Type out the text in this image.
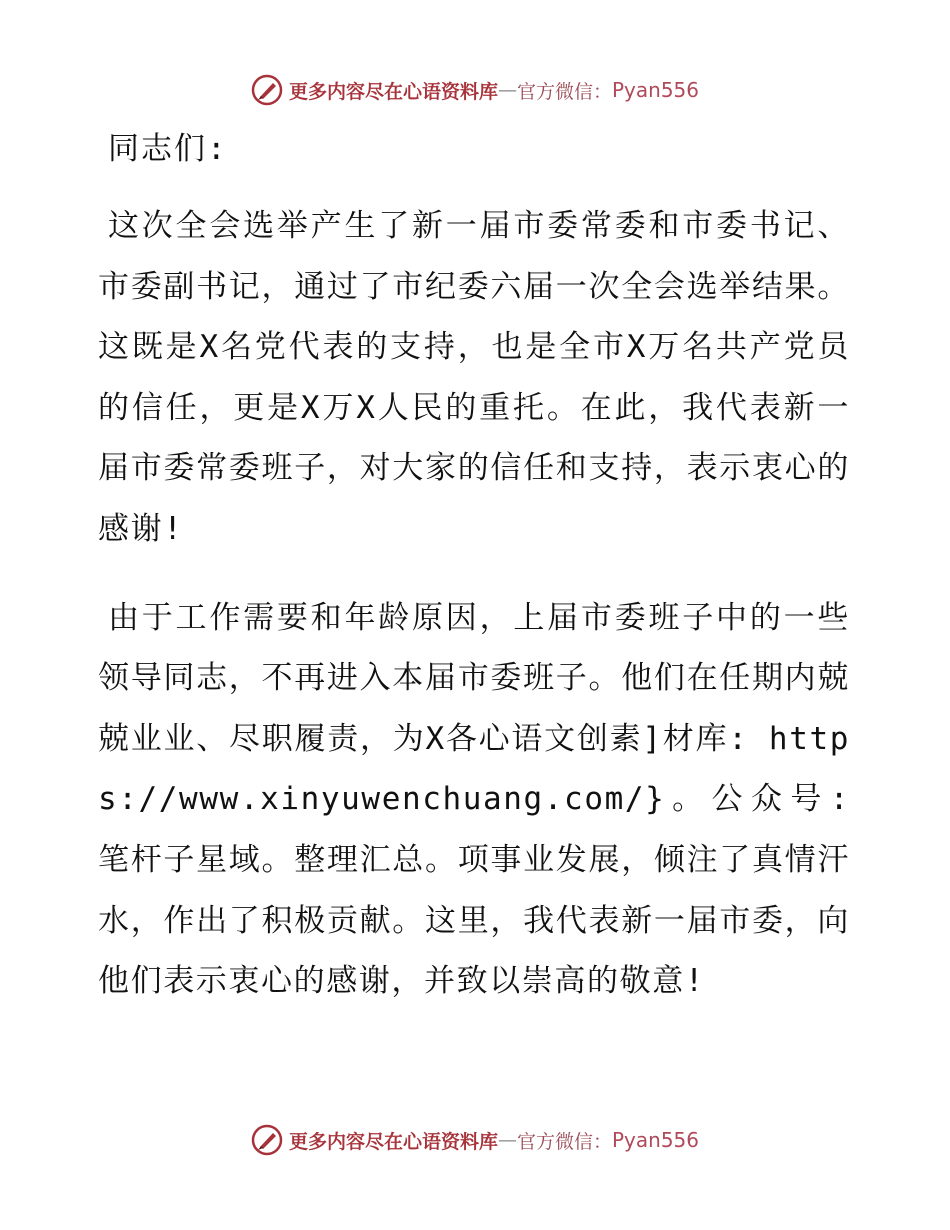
更多内容尽在心语资料库 — 官方微信： Pyan556
同志们:

这次全会选举产生了新一届市委常委和市委书记、市委副书记，通过了市纪委六届一次全会选举结果。这既是X名党代表的支持，也是全市X万名共产党员的信任，更是X万X人民的重托。在此，我代表新一届市委常委班子，对大家的信任和支持，表示衷心的感谢!

由于工作需要和年龄原因，上届市委班子中的一些领导同志，不再进入本届市委班子。他们在任期内兢兢业业、尽职履责，为X各心语文创素]材库: https://www.xinyuwenchuang.com/}。公众号: 笔杆子星域。整理汇总。项事业发展，倾注了真情汗水，作出了积极贡献。这里，我代表新一届市委，向他们表示衷心的感谢，并致以崇高的敬意!

更多内容尽在心语资料库 — 官方微信： Pyan556
